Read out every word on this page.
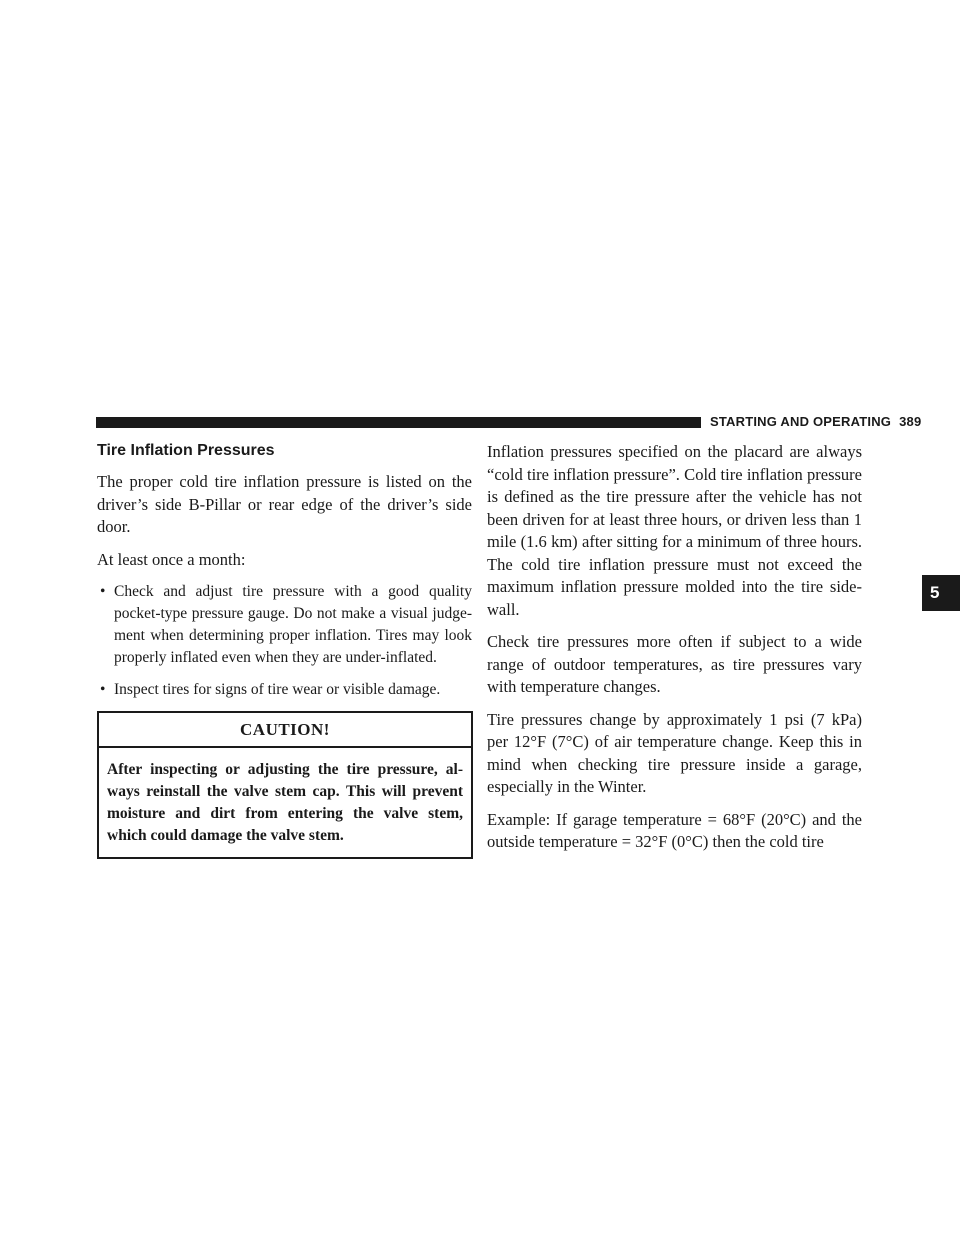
STARTING AND OPERATING 389
5
Tire Inflation Pressures

The proper cold tire inflation pressure is listed on the driver’s side B-Pillar or rear edge of the driver’s side door.

At least once a month:

• Check and adjust tire pressure with a good quality pocket-type pressure gauge. Do not make a visual judge-ment when determining proper inflation. Tires may look properly inflated even when they are under-inflated.
• Inspect tires for signs of tire wear or visible damage.
CAUTION!
After inspecting or adjusting the tire pressure, al-ways reinstall the valve stem cap. This will prevent moisture and dirt from entering the valve stem, which could damage the valve stem.

Inflation pressures specified on the placard are always “cold tire inflation pressure”. Cold tire inflation pressure is defined as the tire pressure after the vehicle has not been driven for at least three hours, or driven less than 1 mile (1.6 km) after sitting for a minimum of three hours. The cold tire inflation pressure must not exceed the maximum inflation pressure molded into the tire side-wall.

Check tire pressures more often if subject to a wide range of outdoor temperatures, as tire pressures vary with temperature changes.

Tire pressures change by approximately 1 psi (7 kPa) per 12°F (7°C) of air temperature change. Keep this in mind when checking tire pressure inside a garage, especially in the Winter.

Example: If garage temperature = 68°F (20°C) and the outside temperature = 32°F (0°C) then the cold tire
